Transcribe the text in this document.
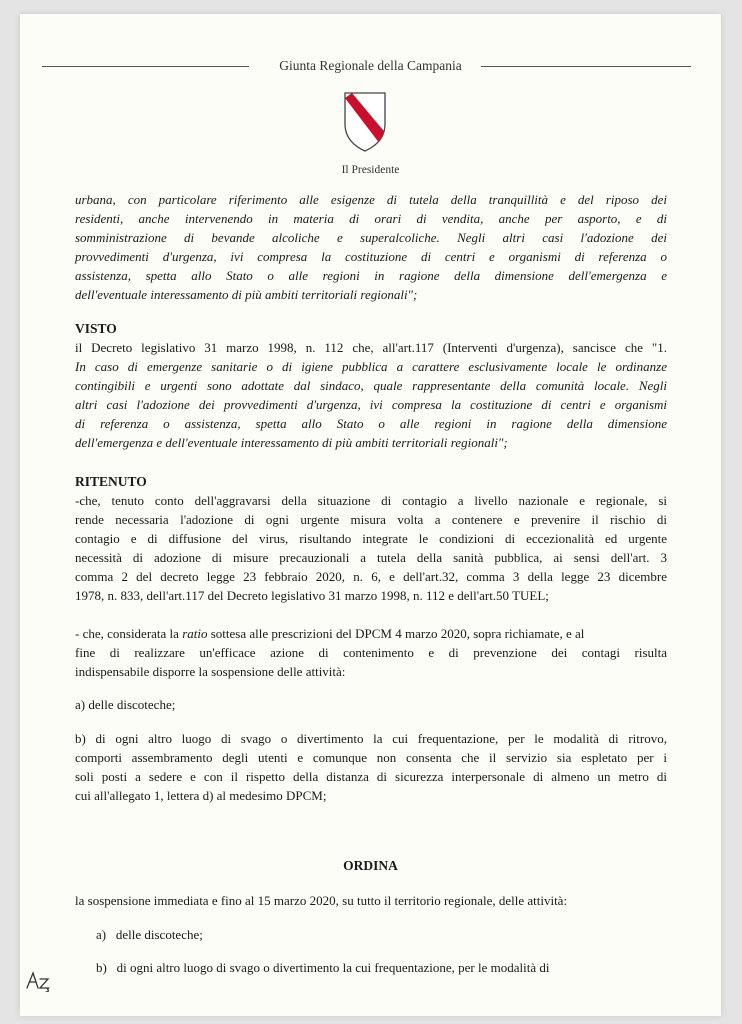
Giunta Regionale della Campania
Il Presidente
urbana, con particolare riferimento alle esigenze di tutela della tranquillità e del riposo dei
residenti, anche intervenendo in materia di orari di vendita, anche per asporto, e di
somministrazione di bevande alcoliche e superalcoliche. Negli altri casi l'adozione dei
provvedimenti d'urgenza, ivi compresa la costituzione di centri e organismi di referenza o
assistenza, spetta allo Stato o alle regioni in ragione della dimensione dell'emergenza e
dell'eventuale interessamento di più ambiti territoriali regionali";
VISTO
il Decreto legislativo 31 marzo 1998, n. 112 che, all'art.117 (Interventi d'urgenza), sancisce che "1.
In caso di emergenze sanitarie o di igiene pubblica a carattere esclusivamente locale le ordinanze
contingibili e urgenti sono adottate dal sindaco, quale rappresentante della comunità locale. Negli
altri casi l'adozione dei provvedimenti d'urgenza, ivi compresa la costituzione di centri e organismi
di referenza o assistenza, spetta allo Stato o alle regioni in ragione della dimensione
dell'emergenza e dell'eventuale interessamento di più ambiti territoriali regionali";
RITENUTO
-che, tenuto conto dell'aggravarsi della situazione di contagio a livello nazionale e regionale, si
rende necessaria l'adozione di ogni urgente misura volta a contenere e prevenire il rischio di
contagio e di diffusione del virus, risultando integrate le condizioni di eccezionalità ed urgente
necessità di adozione di misure precauzionali a tutela della sanità pubblica, ai sensi dell'art. 3
comma 2 del decreto legge 23 febbraio 2020, n. 6, e dell'art.32, comma 3 della legge 23 dicembre
1978, n. 833, dell'art.117 del Decreto legislativo 31 marzo 1998, n. 112 e dell'art.50 TUEL;
- che, considerata la ratio sottesa alle prescrizioni del DPCM 4 marzo 2020, sopra richiamate, e al
fine di realizzare un'efficace azione di contenimento e di prevenzione dei contagi risulta
indispensabile disporre la sospensione delle attività:
a) delle discoteche;
b) di ogni altro luogo di svago o divertimento la cui frequentazione, per le modalità di ritrovo,
comporti assembramento degli utenti e comunque non consenta che il servizio sia espletato per i
soli posti a sedere e con il rispetto della distanza di sicurezza interpersonale di almeno un metro di
cui all'allegato 1, lettera d) al medesimo DPCM;
ORDINA
la sospensione immediata e fino al 15 marzo 2020, su tutto il territorio regionale, delle attività:
a) delle discoteche;
b) di ogni altro luogo di svago o divertimento la cui frequentazione, per le modalità di
